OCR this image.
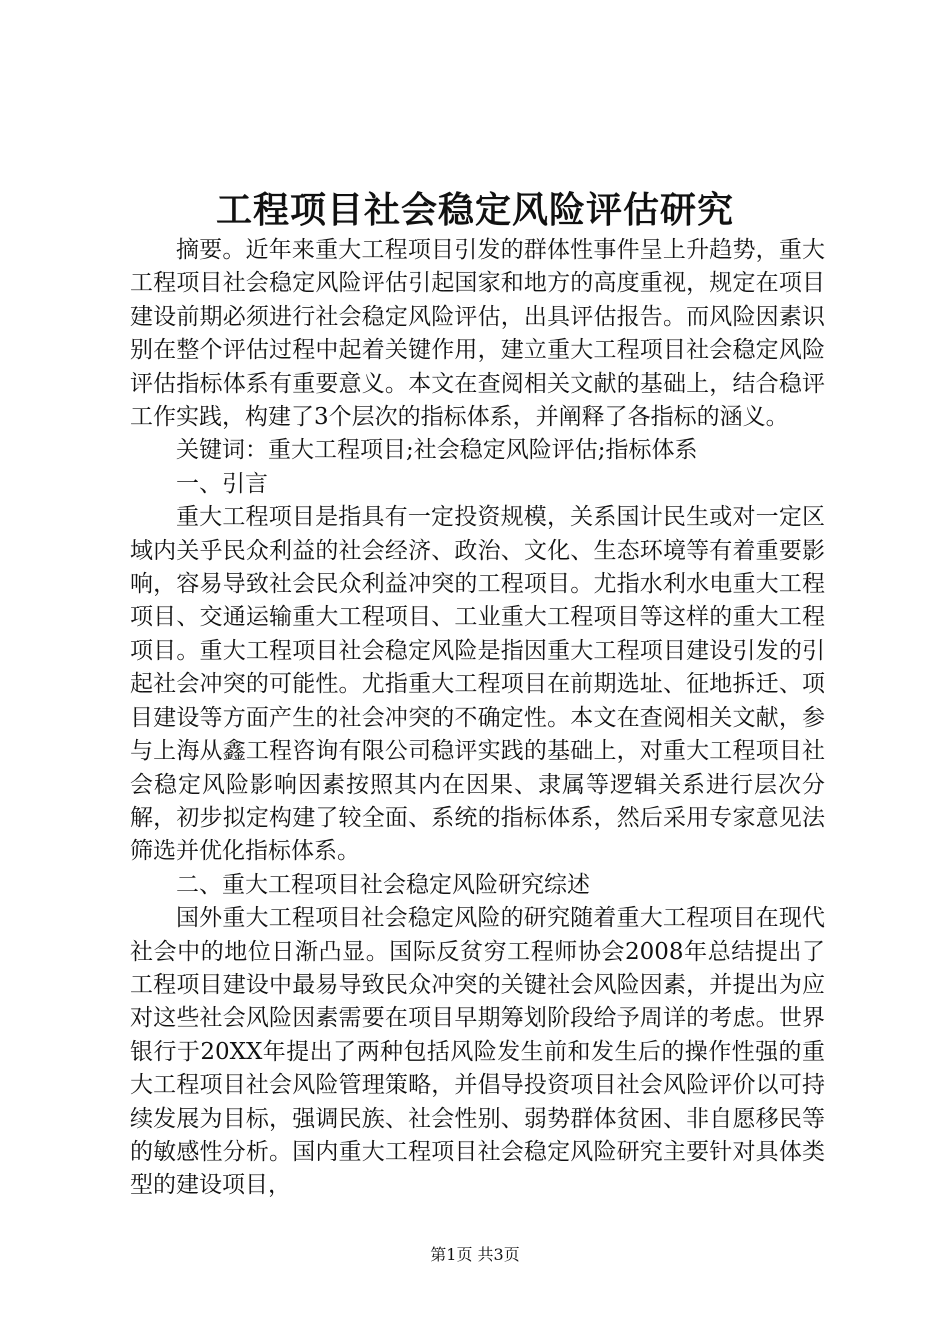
工程项目社会稳定风险评估研究

摘要。近年来重大工程项目引发的群体性事件呈上升趋势，重大工程项目社会稳定风险评估引起国家和地方的高度重视，规定在项目建设前期必须进行社会稳定风险评估，出具评估报告。而风险因素识别在整个评估过程中起着关键作用，建立重大工程项目社会稳定风险评估指标体系有重要意义。本文在查阅相关文献的基础上，结合稳评工作实践，构建了3个层次的指标体系，并阐释了各指标的涵义。

关键词：重大工程项目;社会稳定风险评估;指标体系

一、引言

重大工程项目是指具有一定投资规模，关系国计民生或对一定区域内关乎民众利益的社会经济、政治、文化、生态环境等有着重要影响，容易导致社会民众利益冲突的工程项目。尤指水利水电重大工程项目、交通运输重大工程项目、工业重大工程项目等这样的重大工程项目。重大工程项目社会稳定风险是指因重大工程项目建设引发的引起社会冲突的可能性。尤指重大工程项目在前期选址、征地拆迁、项目建设等方面产生的社会冲突的不确定性。本文在查阅相关文献，参与上海从鑫工程咨询有限公司稳评实践的基础上，对重大工程项目社会稳定风险影响因素按照其内在因果、隶属等逻辑关系进行层次分解，初步拟定构建了较全面、系统的指标体系，然后采用专家意见法筛选并优化指标体系。

二、重大工程项目社会稳定风险研究综述

国外重大工程项目社会稳定风险的研究随着重大工程项目在现代社会中的地位日渐凸显。国际反贫穷工程师协会2008年总结提出了工程项目建设中最易导致民众冲突的关键社会风险因素，并提出为应对这些社会风险因素需要在项目早期筹划阶段给予周详的考虑。世界银行于20XX年提出了两种包括风险发生前和发生后的操作性强的重大工程项目社会风险管理策略，并倡导投资项目社会风险评价以可持续发展为目标，强调民族、社会性别、弱势群体贫困、非自愿移民等的敏感性分析。国内重大工程项目社会稳定风险研究主要针对具体类型的建设项目，

第1页 共3页
